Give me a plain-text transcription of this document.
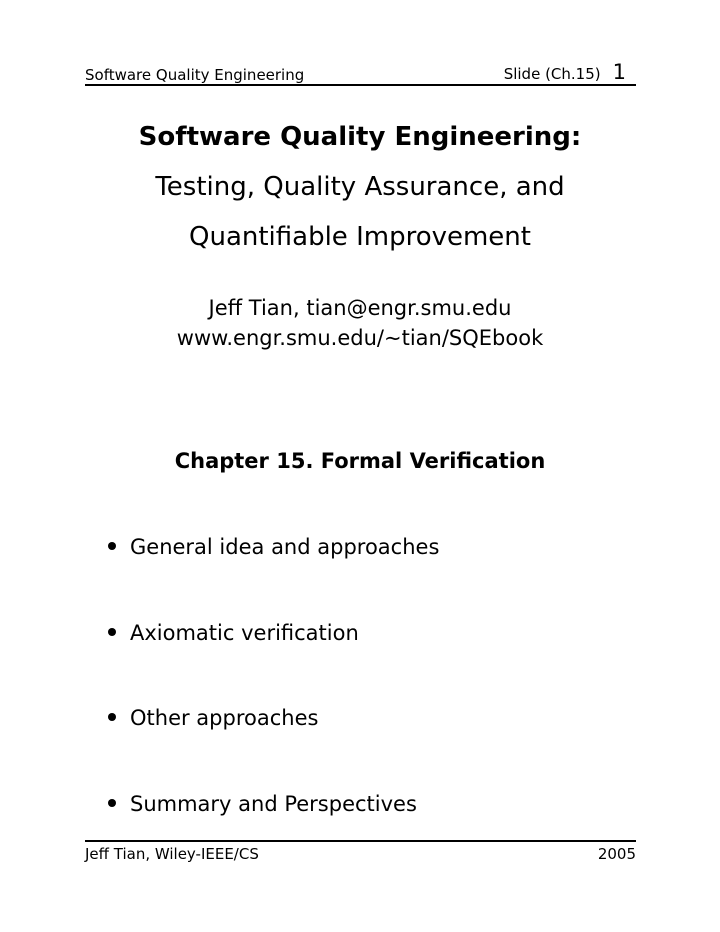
Software Quality Engineering	Slide (Ch.15) 1
Software Quality Engineering:
Testing, Quality Assurance, and
Quantifiable Improvement
Jeff Tian, tian@engr.smu.edu
www.engr.smu.edu/∼tian/SQEbook
Chapter 15. Formal Verification
General idea and approaches
Axiomatic verification
Other approaches
Summary and Perspectives
Jeff Tian, Wiley-IEEE/CS	2005
